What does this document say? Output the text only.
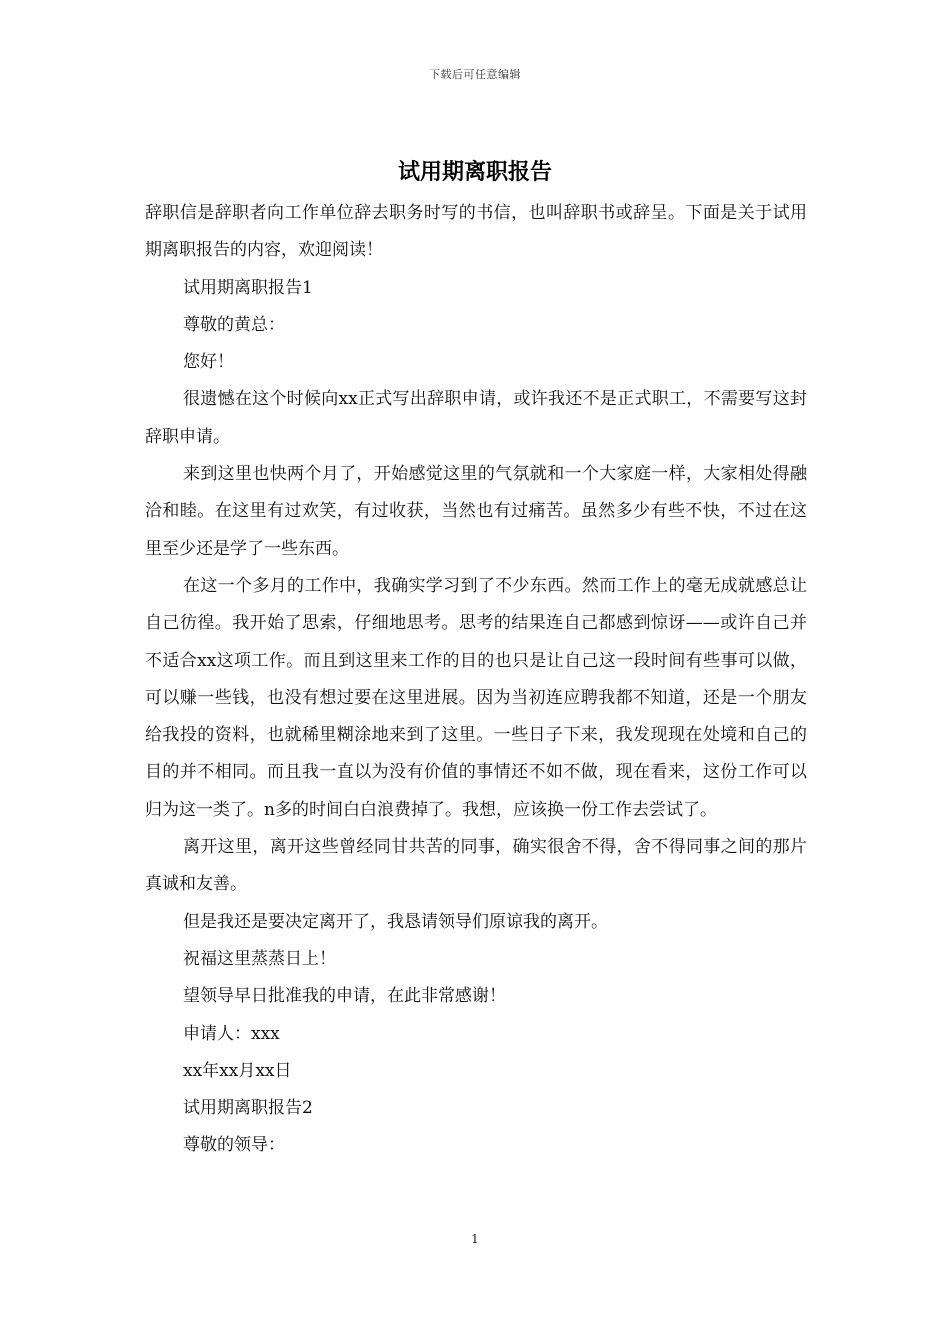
下载后可任意编辑
试用期离职报告

辞职信是辞职者向工作单位辞去职务时写的书信，也叫辞职书或辞呈。下面是关于试用期离职报告的内容，欢迎阅读！

试用期离职报告1

尊敬的黄总：

您好！

很遗憾在这个时候向xx正式写出辞职申请，或许我还不是正式职工，不需要写这封辞职申请。

来到这里也快两个月了，开始感觉这里的气氛就和一个大家庭一样，大家相处得融洽和睦。在这里有过欢笑，有过收获，当然也有过痛苦。虽然多少有些不快，不过在这里至少还是学了一些东西。

在这一个多月的工作中，我确实学习到了不少东西。然而工作上的毫无成就感总让自己彷徨。我开始了思索，仔细地思考。思考的结果连自己都感到惊讶——或许自己并不适合xx这项工作。而且到这里来工作的目的也只是让自己这一段时间有些事可以做，可以赚一些钱，也没有想过要在这里进展。因为当初连应聘我都不知道，还是一个朋友给我投的资料，也就稀里糊涂地来到了这里。一些日子下来，我发现现在处境和自己的目的并不相同。而且我一直以为没有价值的事情还不如不做，现在看来，这份工作可以归为这一类了。n多的时间白白浪费掉了。我想，应该换一份工作去尝试了。

离开这里，离开这些曾经同甘共苦的同事，确实很舍不得，舍不得同事之间的那片真诚和友善。

但是我还是要决定离开了，我恳请领导们原谅我的离开。

祝福这里蒸蒸日上！

望领导早日批准我的申请，在此非常感谢！

申请人：xxx

xx年xx月xx日

试用期离职报告2

尊敬的领导：

1
